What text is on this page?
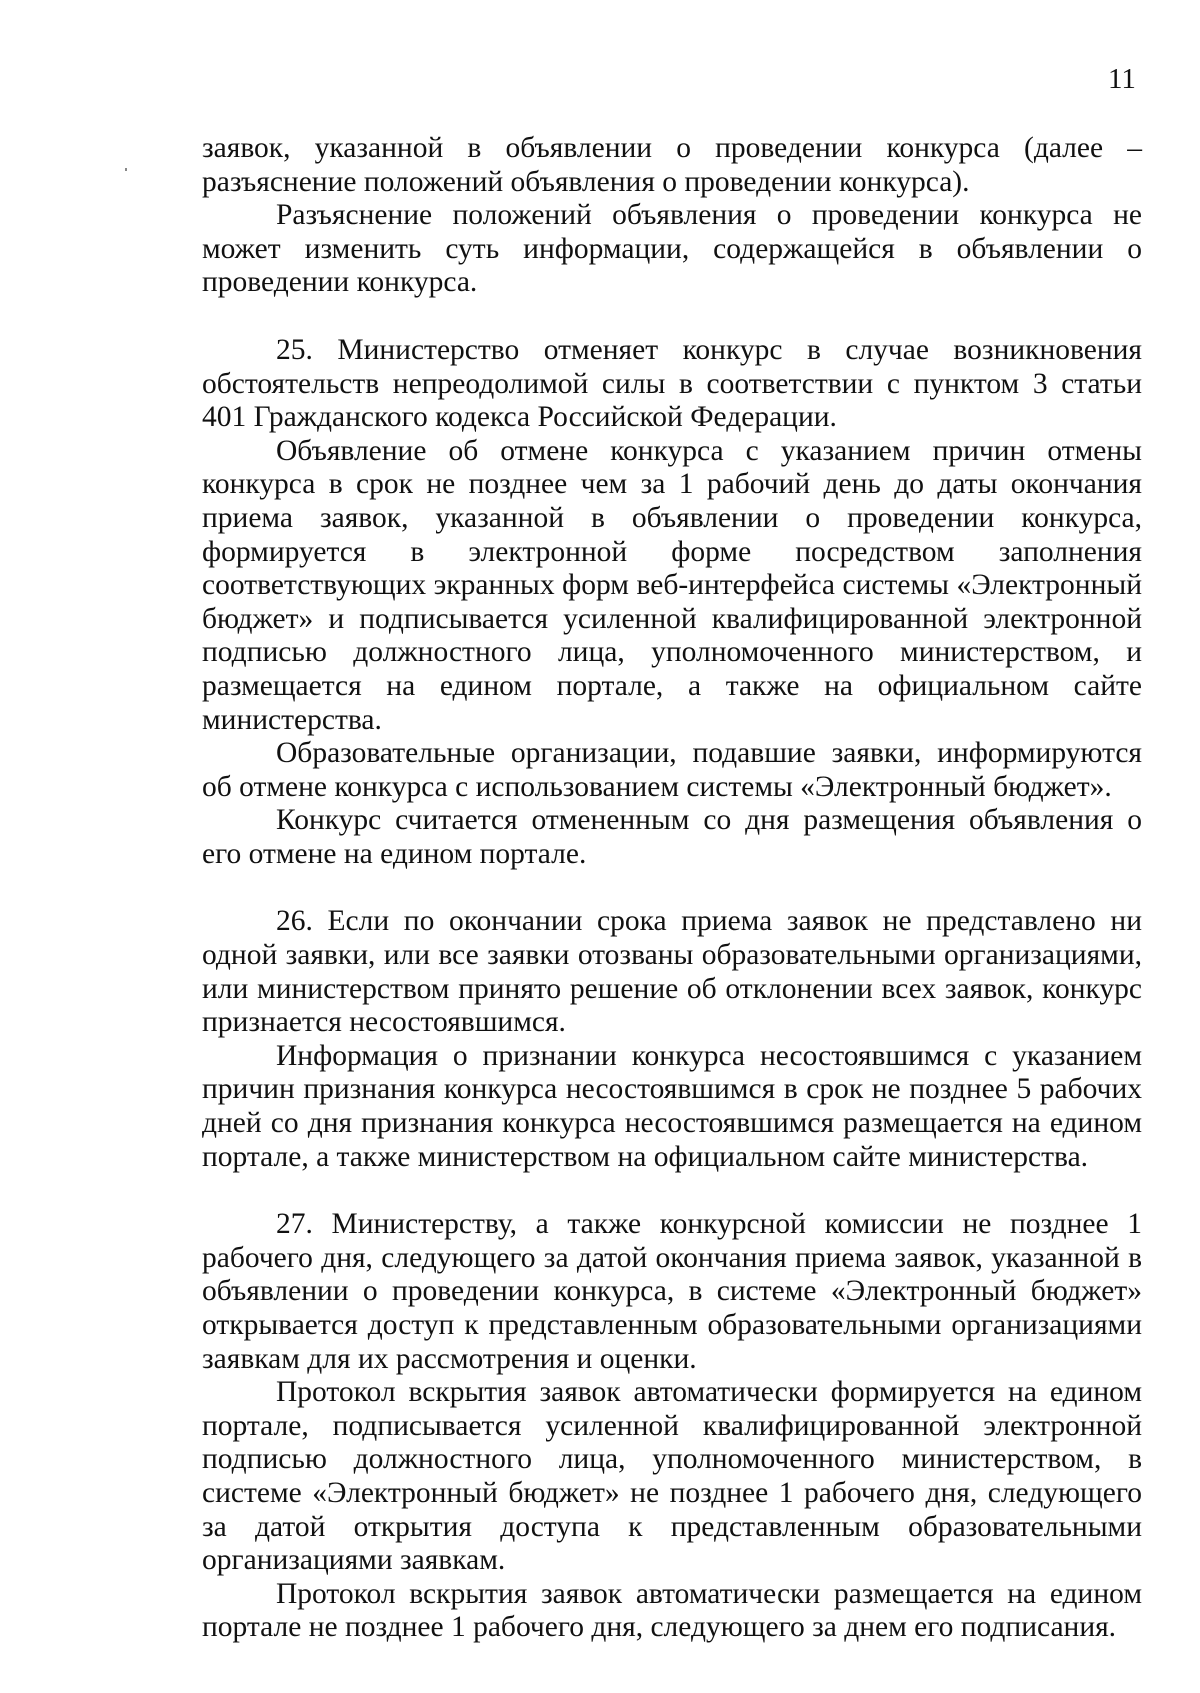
11

заявок, указанной в объявлении о проведении конкурса (далее – разъяснение положений объявления о проведении конкурса).

Разъяснение положений объявления о проведении конкурса не может изменить суть информации, содержащейся в объявлении о проведении конкурса.

25. Министерство отменяет конкурс в случае возникновения обстоятельств непреодолимой силы в соответствии с пунктом 3 статьи 401 Гражданского кодекса Российской Федерации.

Объявление об отмене конкурса с указанием причин отмены конкурса в срок не позднее чем за 1 рабочий день до даты окончания приема заявок, указанной в объявлении о проведении конкурса, формируется в электронной форме посредством заполнения соответствующих экранных форм веб-интерфейса системы «Электронный бюджет» и подписывается усиленной квалифицированной электронной подписью должностного лица, уполномоченного министерством, и размещается на едином портале, а также на официальном сайте министерства.

Образовательные организации, подавшие заявки, информируются об отмене конкурса с использованием системы «Электронный бюджет».

Конкурс считается отмененным со дня размещения объявления о его отмене на едином портале.

26. Если по окончании срока приема заявок не представлено ни одной заявки, или все заявки отозваны образовательными организациями, или министерством принято решение об отклонении всех заявок, конкурс признается несостоявшимся.

Информация о признании конкурса несостоявшимся с указанием причин признания конкурса несостоявшимся в срок не позднее 5 рабочих дней со дня признания конкурса несостоявшимся размещается на едином портале, а также министерством на официальном сайте министерства.

27. Министерству, а также конкурсной комиссии не позднее 1 рабочего дня, следующего за датой окончания приема заявок, указанной в объявлении о проведении конкурса, в системе «Электронный бюджет» открывается доступ к представленным образовательными организациями заявкам для их рассмотрения и оценки.

Протокол вскрытия заявок автоматически формируется на едином портале, подписывается усиленной квалифицированной электронной подписью должностного лица, уполномоченного министерством, в системе «Электронный бюджет» не позднее 1 рабочего дня, следующего за датой открытия доступа к представленным образовательными организациями заявкам.

Протокол вскрытия заявок автоматически размещается на едином портале не позднее 1 рабочего дня, следующего за днем его подписания.
